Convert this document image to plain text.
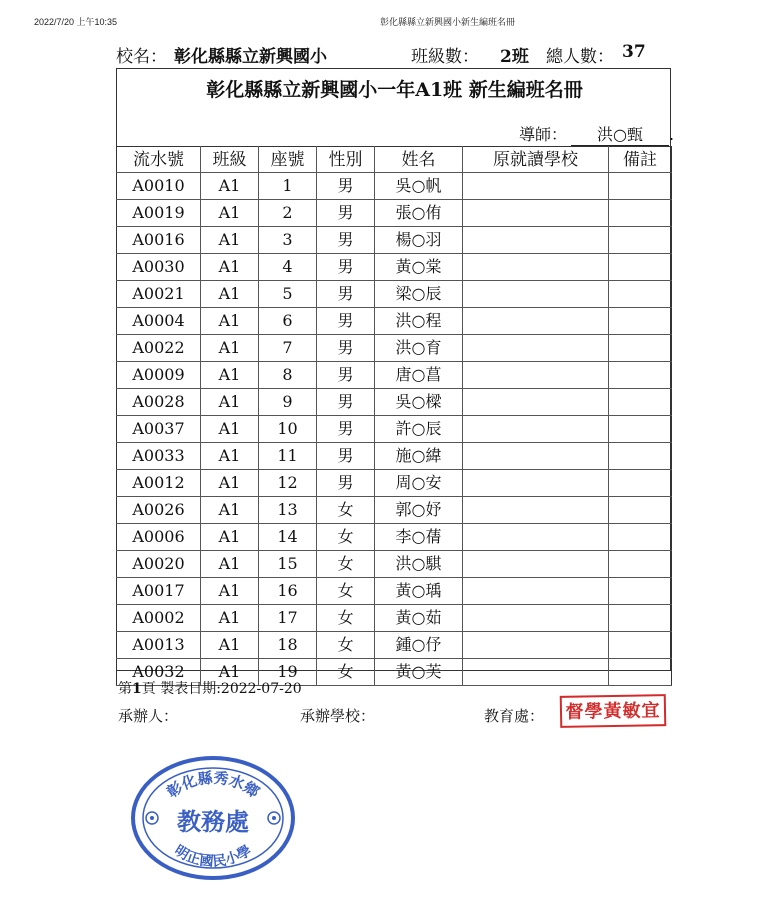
2022/7/20 上午10:35	彰化縣縣立新興國小新生編班名冊
校名： 彰化縣縣立新興國小	班級數： 2班 總人數： 37
彰化縣縣立新興國小一年A1班 新生編班名冊
導師： 洪○甄 .
流水號	班級	座號	性別	姓名	原就讀學校	備註
A0010	A1	1	男	吳○帆		
A0019	A1	2	男	張○侑		
A0016	A1	3	男	楊○羽		
A0030	A1	4	男	黃○棠		
A0021	A1	5	男	梁○辰		
A0004	A1	6	男	洪○程		
A0022	A1	7	男	洪○育		
A0009	A1	8	男	唐○菖		
A0028	A1	9	男	吳○樑		
A0037	A1	10	男	許○辰		
A0033	A1	11	男	施○緯		
A0012	A1	12	男	周○安		
A0026	A1	13	女	郭○妤		
A0006	A1	14	女	李○蒨		
A0020	A1	15	女	洪○騏		
A0017	A1	16	女	黃○瑀		
A0002	A1	17	女	黃○茹		
A0013	A1	18	女	鍾○伃		
A0032	A1	19	女	黃○芙		
第1頁 製表日期:2022-07-20
承辦人：	承辦學校：	教育處：	督學黃敏宜
彰化縣秀水鄉
教務處
明正國民小學
